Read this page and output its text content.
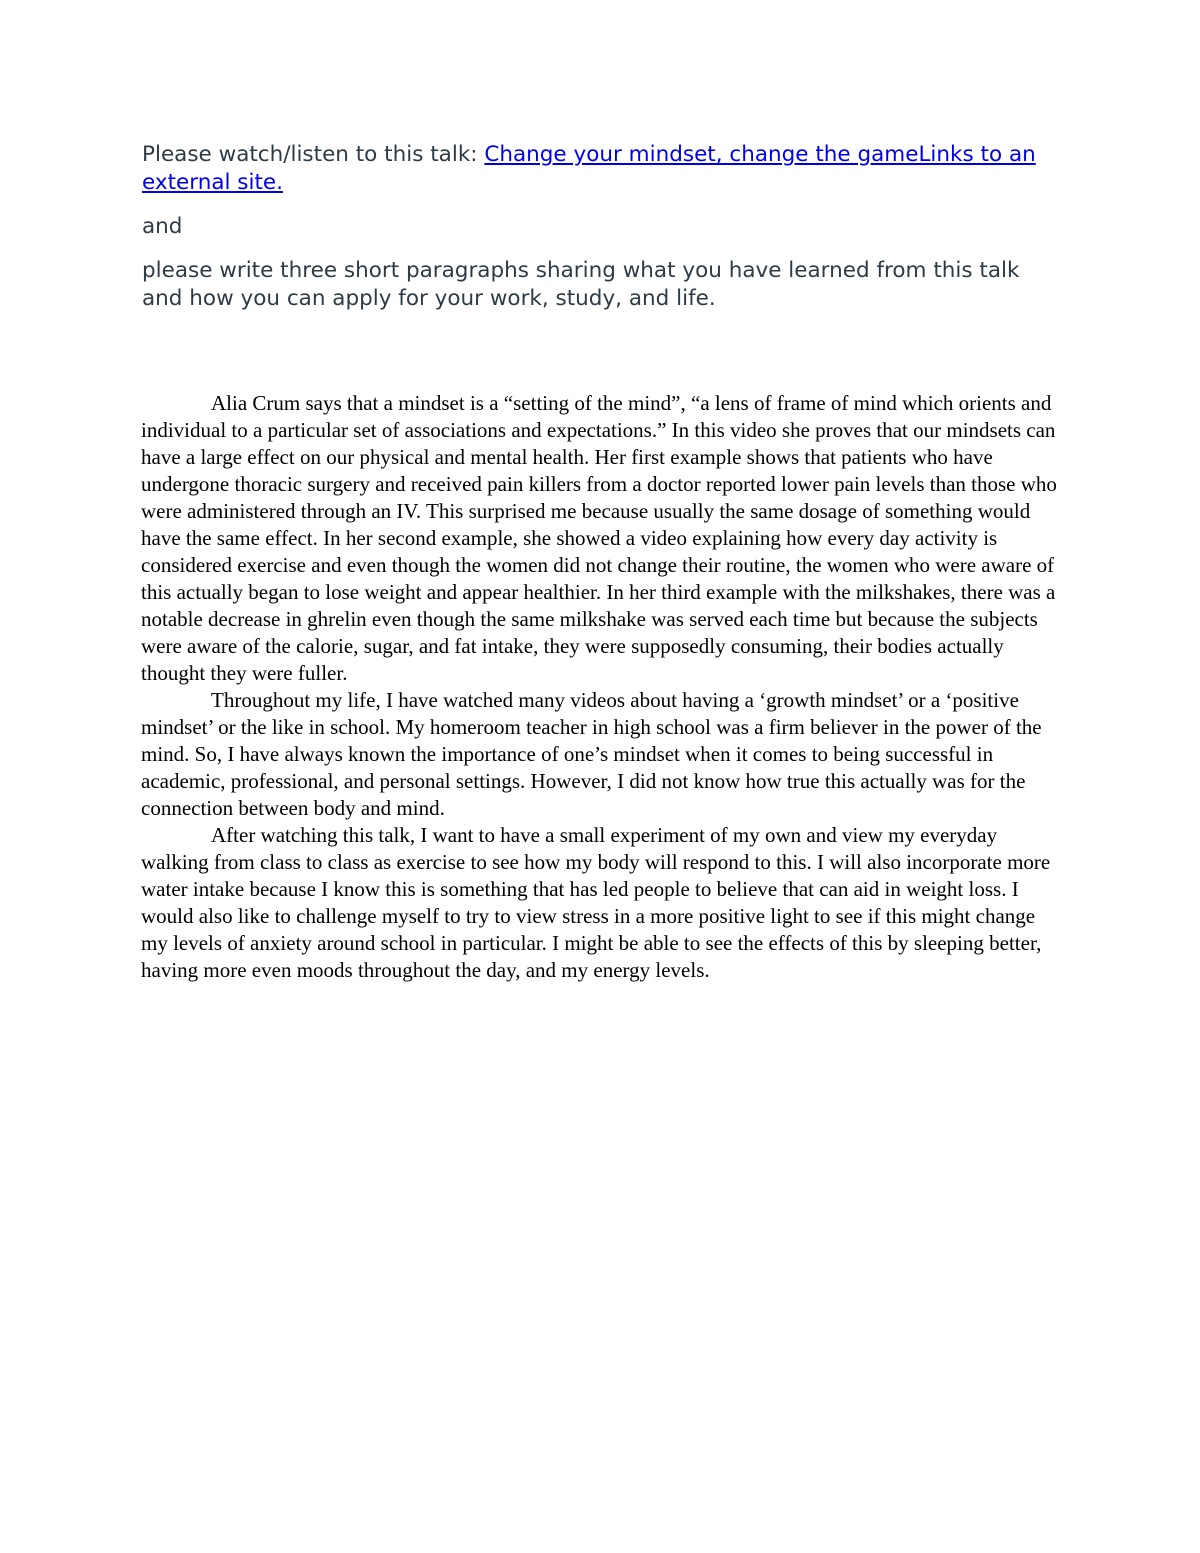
Please watch/listen to this talk: Change your mindset, change the gameLinks to an external site.

and

please write three short paragraphs sharing what you have learned from this talk and how you can apply for your work, study, and life.

Alia Crum says that a mindset is a “setting of the mind”, “a lens of frame of mind which orients and individual to a particular set of associations and expectations.” In this video she proves that our mindsets can have a large effect on our physical and mental health. Her first example shows that patients who have undergone thoracic surgery and received pain killers from a doctor reported lower pain levels than those who were administered through an IV. This surprised me because usually the same dosage of something would have the same effect. In her second example, she showed a video explaining how every day activity is considered exercise and even though the women did not change their routine, the women who were aware of this actually began to lose weight and appear healthier. In her third example with the milkshakes, there was a notable decrease in ghrelin even though the same milkshake was served each time but because the subjects were aware of the calorie, sugar, and fat intake, they were supposedly consuming, their bodies actually thought they were fuller.

Throughout my life, I have watched many videos about having a ‘growth mindset’ or a ‘positive mindset’ or the like in school. My homeroom teacher in high school was a firm believer in the power of the mind. So, I have always known the importance of one’s mindset when it comes to being successful in academic, professional, and personal settings. However, I did not know how true this actually was for the connection between body and mind.

After watching this talk, I want to have a small experiment of my own and view my everyday walking from class to class as exercise to see how my body will respond to this. I will also incorporate more water intake because I know this is something that has led people to believe that can aid in weight loss. I would also like to challenge myself to try to view stress in a more positive light to see if this might change my levels of anxiety around school in particular. I might be able to see the effects of this by sleeping better, having more even moods throughout the day, and my energy levels.
